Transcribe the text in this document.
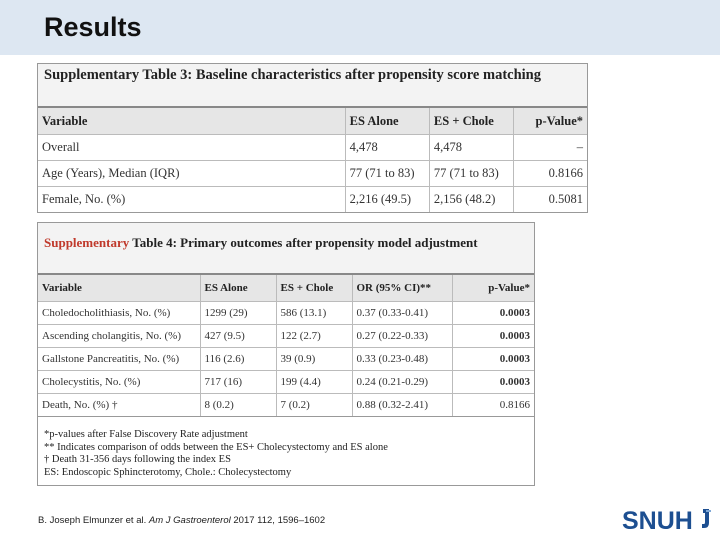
Results
Supplementary Table 3: Baseline characteristics after propensity score matching
Variable	ES Alone	ES + Chole	p-Value*
Overall	4,478	4,478	–
Age (Years), Median (IQR)	77 (71 to 83)	77 (71 to 83)	0.8166
Female, No. (%)	2,216 (49.5)	2,156 (48.2)	0.5081
Supplementary Table 4: Primary outcomes after propensity model adjustment
Variable	ES Alone	ES + Chole	OR (95% CI)**	p-Value*
Choledocholithiasis, No. (%)	1299 (29)	586 (13.1)	0.37 (0.33-0.41)	0.0003
Ascending cholangitis, No. (%)	427 (9.5)	122 (2.7)	0.27 (0.22-0.33)	0.0003
Gallstone Pancreatitis, No. (%)	116 (2.6)	39 (0.9)	0.33 (0.23-0.48)	0.0003
Cholecystitis, No. (%)	717 (16)	199 (4.4)	0.24 (0.21-0.29)	0.0003
Death, No. (%) †	8 (0.2)	7 (0.2)	0.88 (0.32-2.41)	0.8166
*p-values after False Discovery Rate adjustment
** Indicates comparison of odds between the ES+ Cholecystectomy and ES alone
† Death 31-356 days following the index ES
ES: Endoscopic Sphincterotomy, Chole.: Cholecystectomy
B. Joseph Elmunzer et al. Am J Gastroenterol 2017 112, 1596–1602	SNUH
